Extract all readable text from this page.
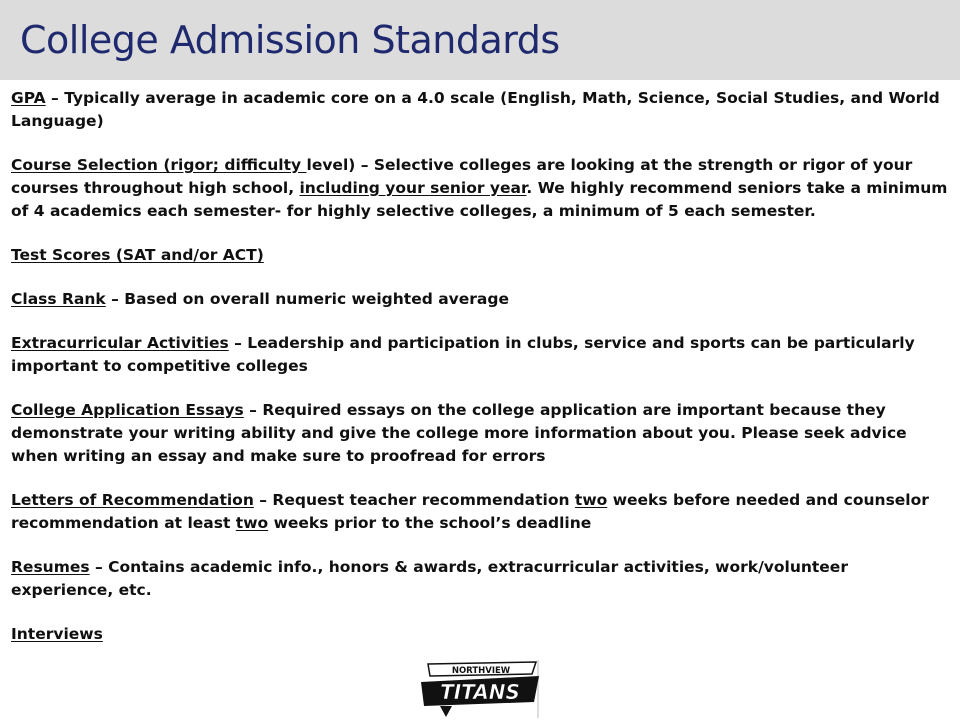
College Admission Standards

GPA – Typically average in academic core on a 4.0 scale (English, Math, Science, Social Studies, and World Language)

Course Selection (rigor; difficulty level) – Selective colleges are looking at the strength or rigor of your courses throughout high school, including your senior year. We highly recommend seniors take a minimum of 4 academics each semester- for highly selective colleges, a minimum of 5 each semester.

Test Scores (SAT and/or ACT)

Class Rank – Based on overall numeric weighted average

Extracurricular Activities – Leadership and participation in clubs, service and sports can be particularly important to competitive colleges

College Application Essays – Required essays on the college application are important because they demonstrate your writing ability and give the college more information about you. Please seek advice when writing an essay and make sure to proofread for errors

Letters of Recommendation – Request teacher recommendation two weeks before needed and counselor recommendation at least two weeks prior to the school’s deadline

Resumes – Contains academic info., honors & awards, extracurricular activities, work/volunteer experience, etc.

Interviews

NORTHVIEW
TITANS
